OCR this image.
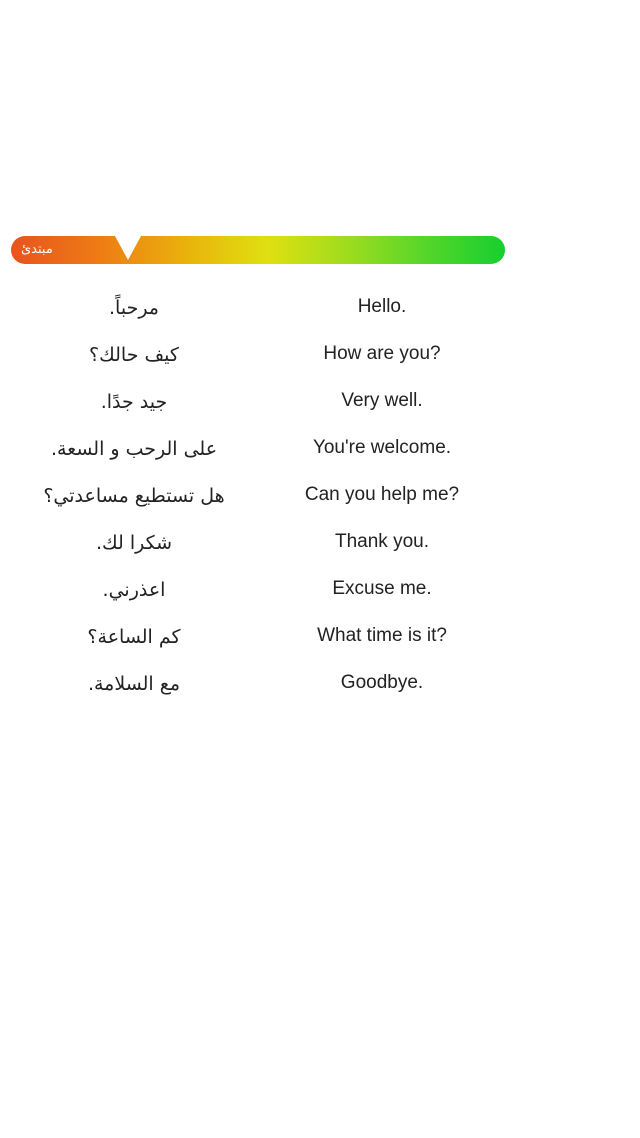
مبتدئ
مرحباً.	Hello.
كيف حالك؟	How are you?
جيد جدًا.	Very well.
على الرحب و السعة.	You're welcome.
هل تستطيع مساعدتي؟	Can you help me?
شكرا لك.	Thank you.
اعذرني.	Excuse me.
كم الساعة؟	What time is it?
مع السلامة.	Goodbye.
